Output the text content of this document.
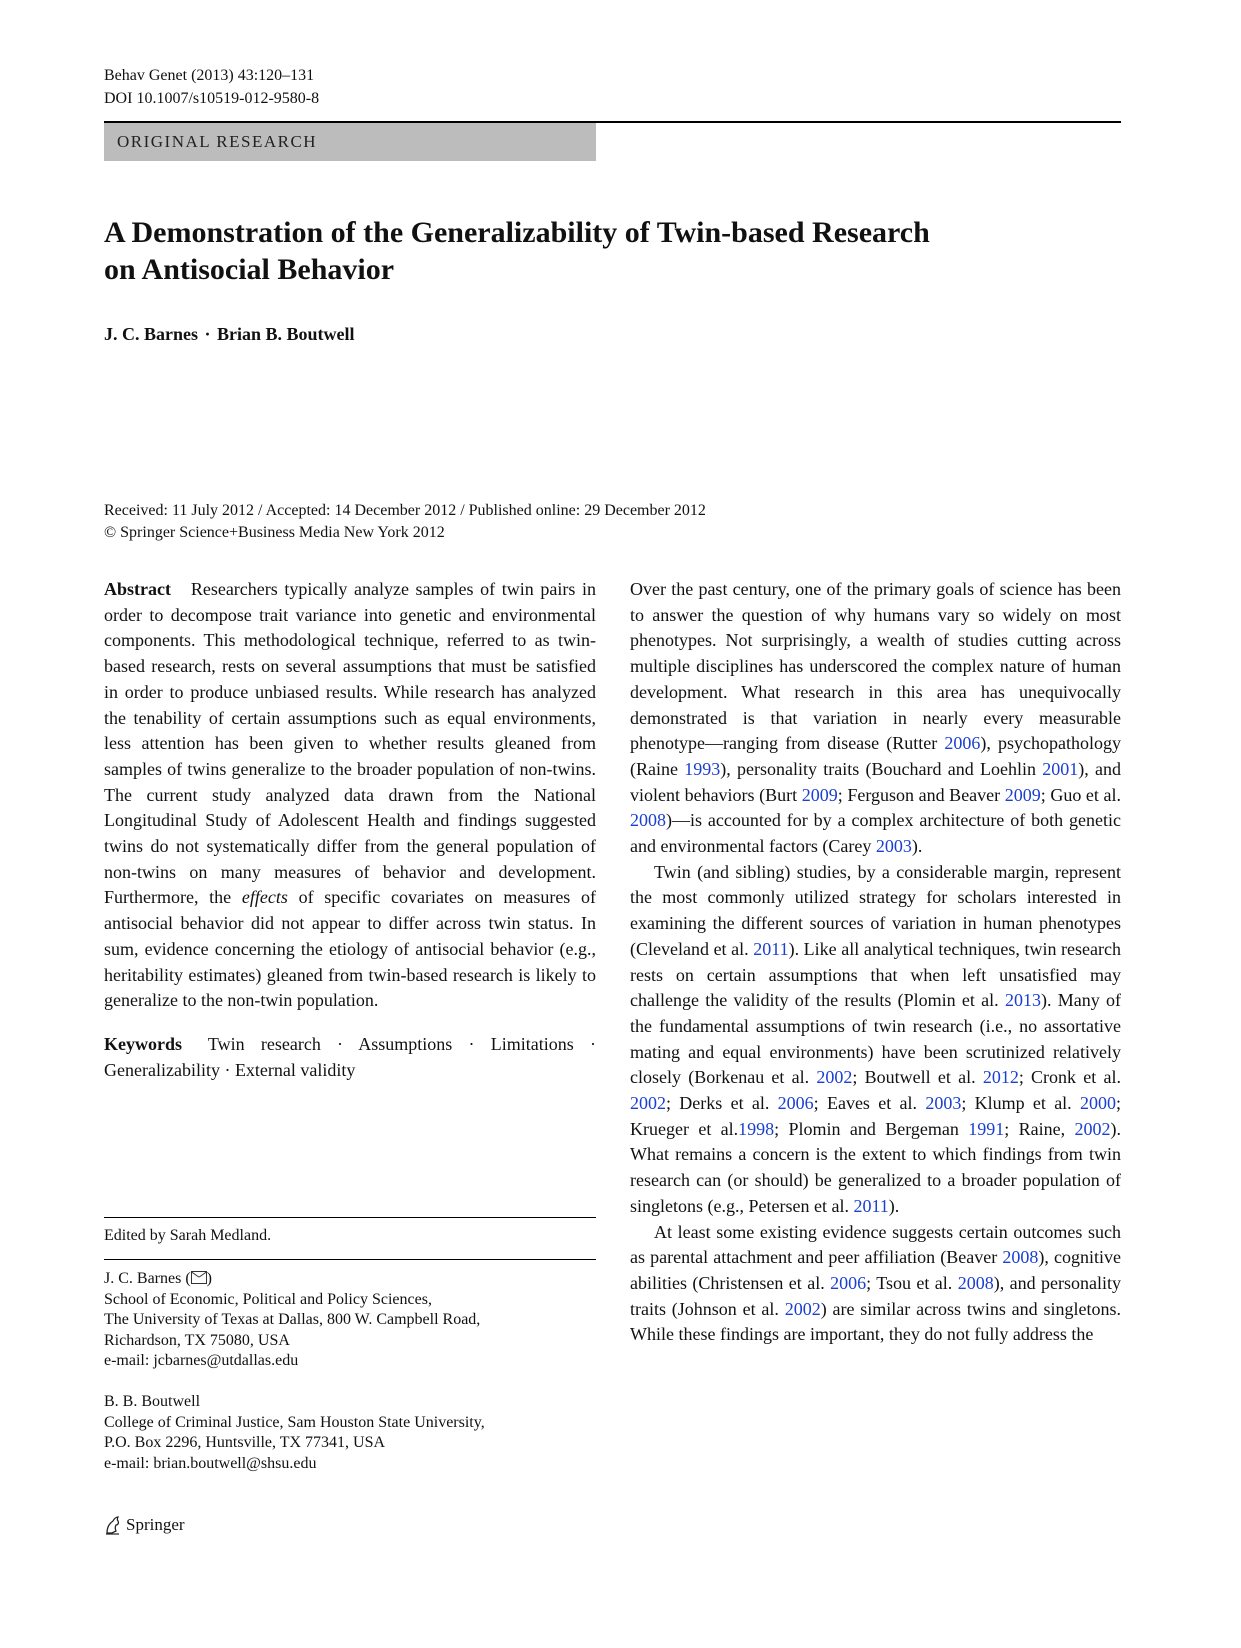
Behav Genet (2013) 43:120–131
DOI 10.1007/s10519-012-9580-8
ORIGINAL RESEARCH
A Demonstration of the Generalizability of Twin-based Research
on Antisocial Behavior
J. C. Barnes · Brian B. Boutwell
Received: 11 July 2012 / Accepted: 14 December 2012 / Published online: 29 December 2012
© Springer Science+Business Media New York 2012

Abstract Researchers typically analyze samples of twin pairs in order to decompose trait variance into genetic and environmental components. This methodological technique, referred to as twin-based research, rests on several assumptions that must be satisfied in order to produce unbiased results. While research has analyzed the tenability of certain assumptions such as equal environments, less attention has been given to whether results gleaned from samples of twins generalize to the broader population of non-twins. The current study analyzed data drawn from the National Longitudinal Study of Adolescent Health and findings suggested twins do not systematically differ from the general population of non-twins on many measures of behavior and development. Furthermore, the effects of specific covariates on measures of antisocial behavior did not appear to differ across twin status. In sum, evidence concerning the etiology of antisocial behavior (e.g., heritability estimates) gleaned from twin-based research is likely to generalize to the non-twin population.

Keywords Twin research · Assumptions · Limitations · Generalizability · External validity

Edited by Sarah Medland.
J. C. Barnes ( )
School of Economic, Political and Policy Sciences,
The University of Texas at Dallas, 800 W. Campbell Road,
Richardson, TX 75080, USA
e-mail: jcbarnes@utdallas.edu
B. B. Boutwell
College of Criminal Justice, Sam Houston State University,
P.O. Box 2296, Huntsville, TX 77341, USA
e-mail: brian.boutwell@shsu.edu

Over the past century, one of the primary goals of science has been to answer the question of why humans vary so widely on most phenotypes. Not surprisingly, a wealth of studies cutting across multiple disciplines has underscored the complex nature of human development. What research in this area has unequivocally demonstrated is that variation in nearly every measurable phenotype—ranging from disease (Rutter 2006), psychopathology (Raine 1993), personality traits (Bouchard and Loehlin 2001), and violent behaviors (Burt 2009; Ferguson and Beaver 2009; Guo et al. 2008)—is accounted for by a complex architecture of both genetic and environmental factors (Carey 2003).

Twin (and sibling) studies, by a considerable margin, represent the most commonly utilized strategy for scholars interested in examining the different sources of variation in human phenotypes (Cleveland et al. 2011). Like all analytical techniques, twin research rests on certain assumptions that when left unsatisfied may challenge the validity of the results (Plomin et al. 2013). Many of the fundamental assumptions of twin research (i.e., no assortative mating and equal environments) have been scrutinized relatively closely (Borkenau et al. 2002; Boutwell et al. 2012; Cronk et al. 2002; Derks et al. 2006; Eaves et al. 2003; Klump et al. 2000; Krueger et al.1998; Plomin and Bergeman 1991; Raine, 2002). What remains a concern is the extent to which findings from twin research can (or should) be generalized to a broader population of singletons (e.g., Petersen et al. 2011).

At least some existing evidence suggests certain outcomes such as parental attachment and peer affiliation (Beaver 2008), cognitive abilities (Christensen et al. 2006; Tsou et al. 2008), and personality traits (Johnson et al. 2002) are similar across twins and singletons. While these findings are important, they do not fully address the

Springer
